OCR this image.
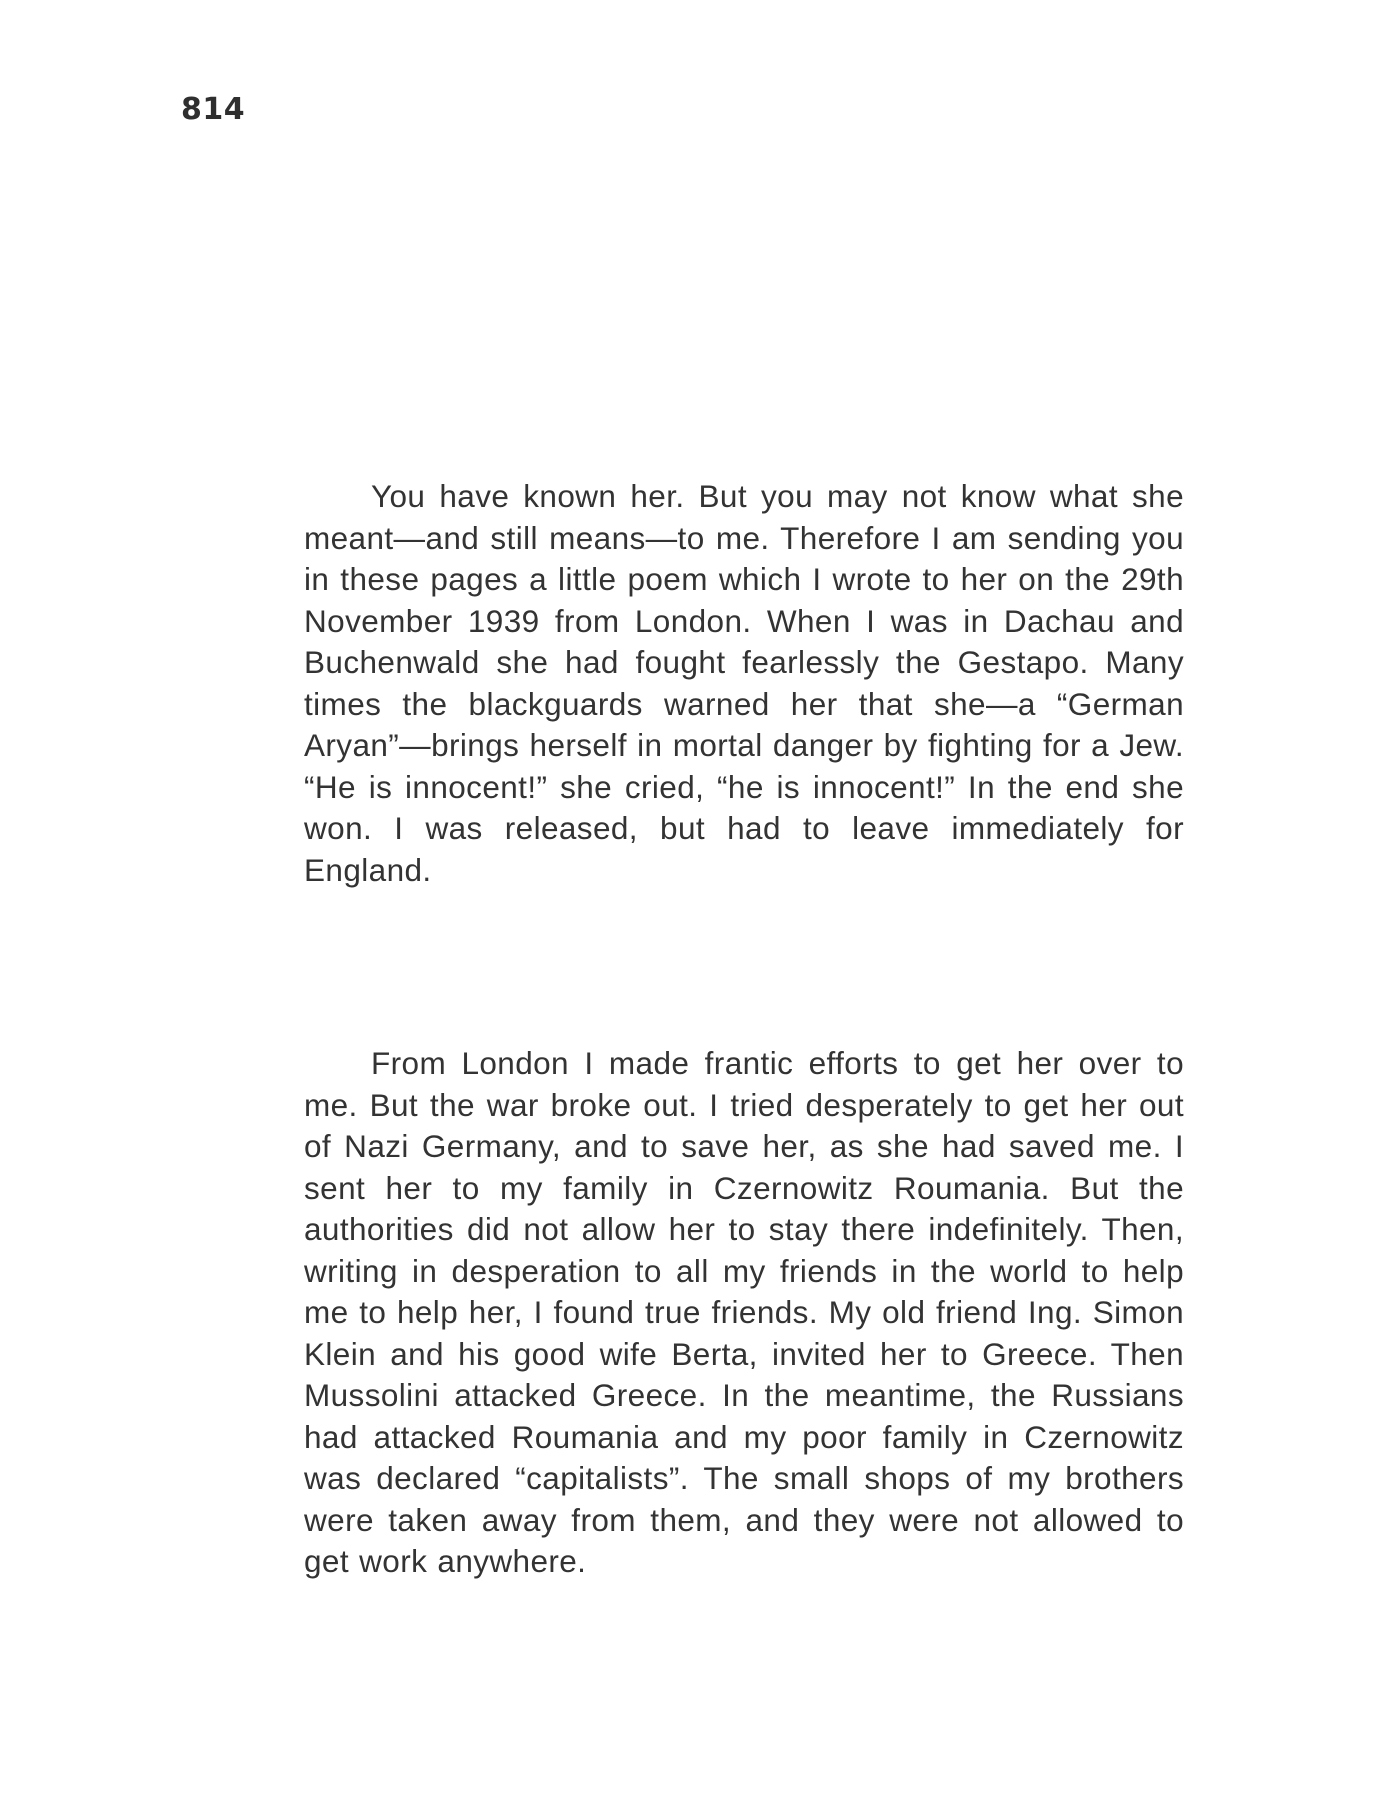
814

You have known her. But you may not know what she meant—and still means—to me. Therefore I am sending you in these pages a little poem which I wrote to her on the 29th November 1939 from London. When I was in Dachau and Buchenwald she had fought fearlessly the Gestapo. Many times the blackguards warned her that she—a “German Aryan”—brings herself in mortal danger by fighting for a Jew. “He is innocent!” she cried, “he is innocent!” In the end she won. I was released, but had to leave immediately for England.

From London I made frantic efforts to get her over to me. But the war broke out. I tried desperately to get her out of Nazi Germany, and to save her, as she had saved me. I sent her to my family in Czernowitz Roumania. But the authorities did not allow her to stay there indefinitely. Then, writing in desperation to all my friends in the world to help me to help her, I found true friends. My old friend Ing. Simon Klein and his good wife Berta, invited her to Greece. Then Mussolini attacked Greece. In the meantime, the Russians had attacked Roumania and my poor family in Czernowitz was declared “capitalists”. The small shops of my brothers were taken away from them, and they were not allowed to get work anywhere.
